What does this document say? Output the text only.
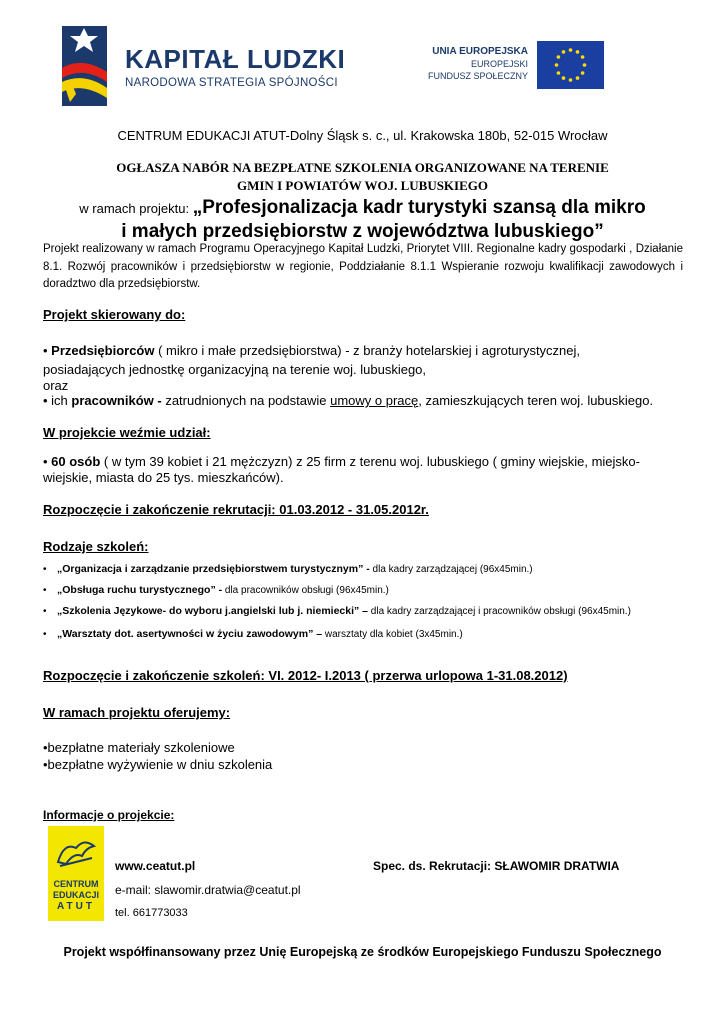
KAPITAŁ LUDZKI
NARODOWA STRATEGIA SPÓJNOŚCI
UNIA EUROPEJSKA
EUROPEJSKI
FUNDUSZ SPOŁECZNY
CENTRUM EDUKACJI ATUT-Dolny Śląsk s. c., ul. Krakowska 180b, 52-015 Wrocław
OGŁASZA NABÓR NA BEZPŁATNE SZKOLENIA ORGANIZOWANE NA TERENIE
GMIN I POWIATÓW WOJ. LUBUSKIEGO
w ramach projektu: „Profesjonalizacja kadr turystyki szansą dla mikro
i małych przedsiębiorstw z województwa lubuskiego”
Projekt realizowany w ramach Programu Operacyjnego Kapitał Ludzki, Priorytet VIII. Regionalne kadry gospodarki , Działanie 8.1. Rozwój pracowników i przedsiębiorstw w regionie, Poddziałanie 8.1.1 Wspieranie rozwoju kwalifikacji zawodowych i doradztwo dla przedsiębiorstw.
Projekt skierowany do:
• Przedsiębiorców ( mikro i małe przedsiębiorstwa) - z branży hotelarskiej i agroturystycznej,
posiadających jednostkę organizacyjną na terenie woj. lubuskiego,
oraz
• ich pracowników - zatrudnionych na podstawie umowy o pracę, zamieszkujących teren woj. lubuskiego.
W projekcie weźmie udział:
• 60 osób ( w tym 39 kobiet i 21 mężczyzn) z 25 firm z terenu woj. lubuskiego ( gminy wiejskie, miejsko-
wiejskie, miasta do 25 tys. mieszkańców).
Rozpoczęcie i zakończenie rekrutacji: 01.03.2012 - 31.05.2012r.
Rodzaje szkoleń:
• „Organizacja i zarządzanie przedsiębiorstwem turystycznym” - dla kadry zarządzającej (96x45min.)
• „Obsługa ruchu turystycznego” - dla pracowników obsługi (96x45min.)
• „Szkolenia Językowe- do wyboru j.angielski lub j. niemiecki” – dla kadry zarządzającej i pracowników obsługi (96x45min.)
• „Warsztaty dot. asertywności w życiu zawodowym” – warsztaty dla kobiet (3x45min.)
Rozpoczęcie i zakończenie szkoleń: VI. 2012- I.2013 ( przerwa urlopowa 1-31.08.2012)
W ramach projektu oferujemy:
•bezpłatne materiały szkoleniowe
•bezpłatne wyżywienie w dniu szkolenia
Informacje o projekcie:
CENTRUM
EDUKACJI
ATUT
www.ceatut.pl	Spec. ds. Rekrutacji: SŁAWOMIR DRATWIA
e-mail: slawomir.dratwia@ceatut.pl
tel. 661773033
Projekt współfinansowany przez Unię Europejską ze środków Europejskiego Funduszu Społecznego
